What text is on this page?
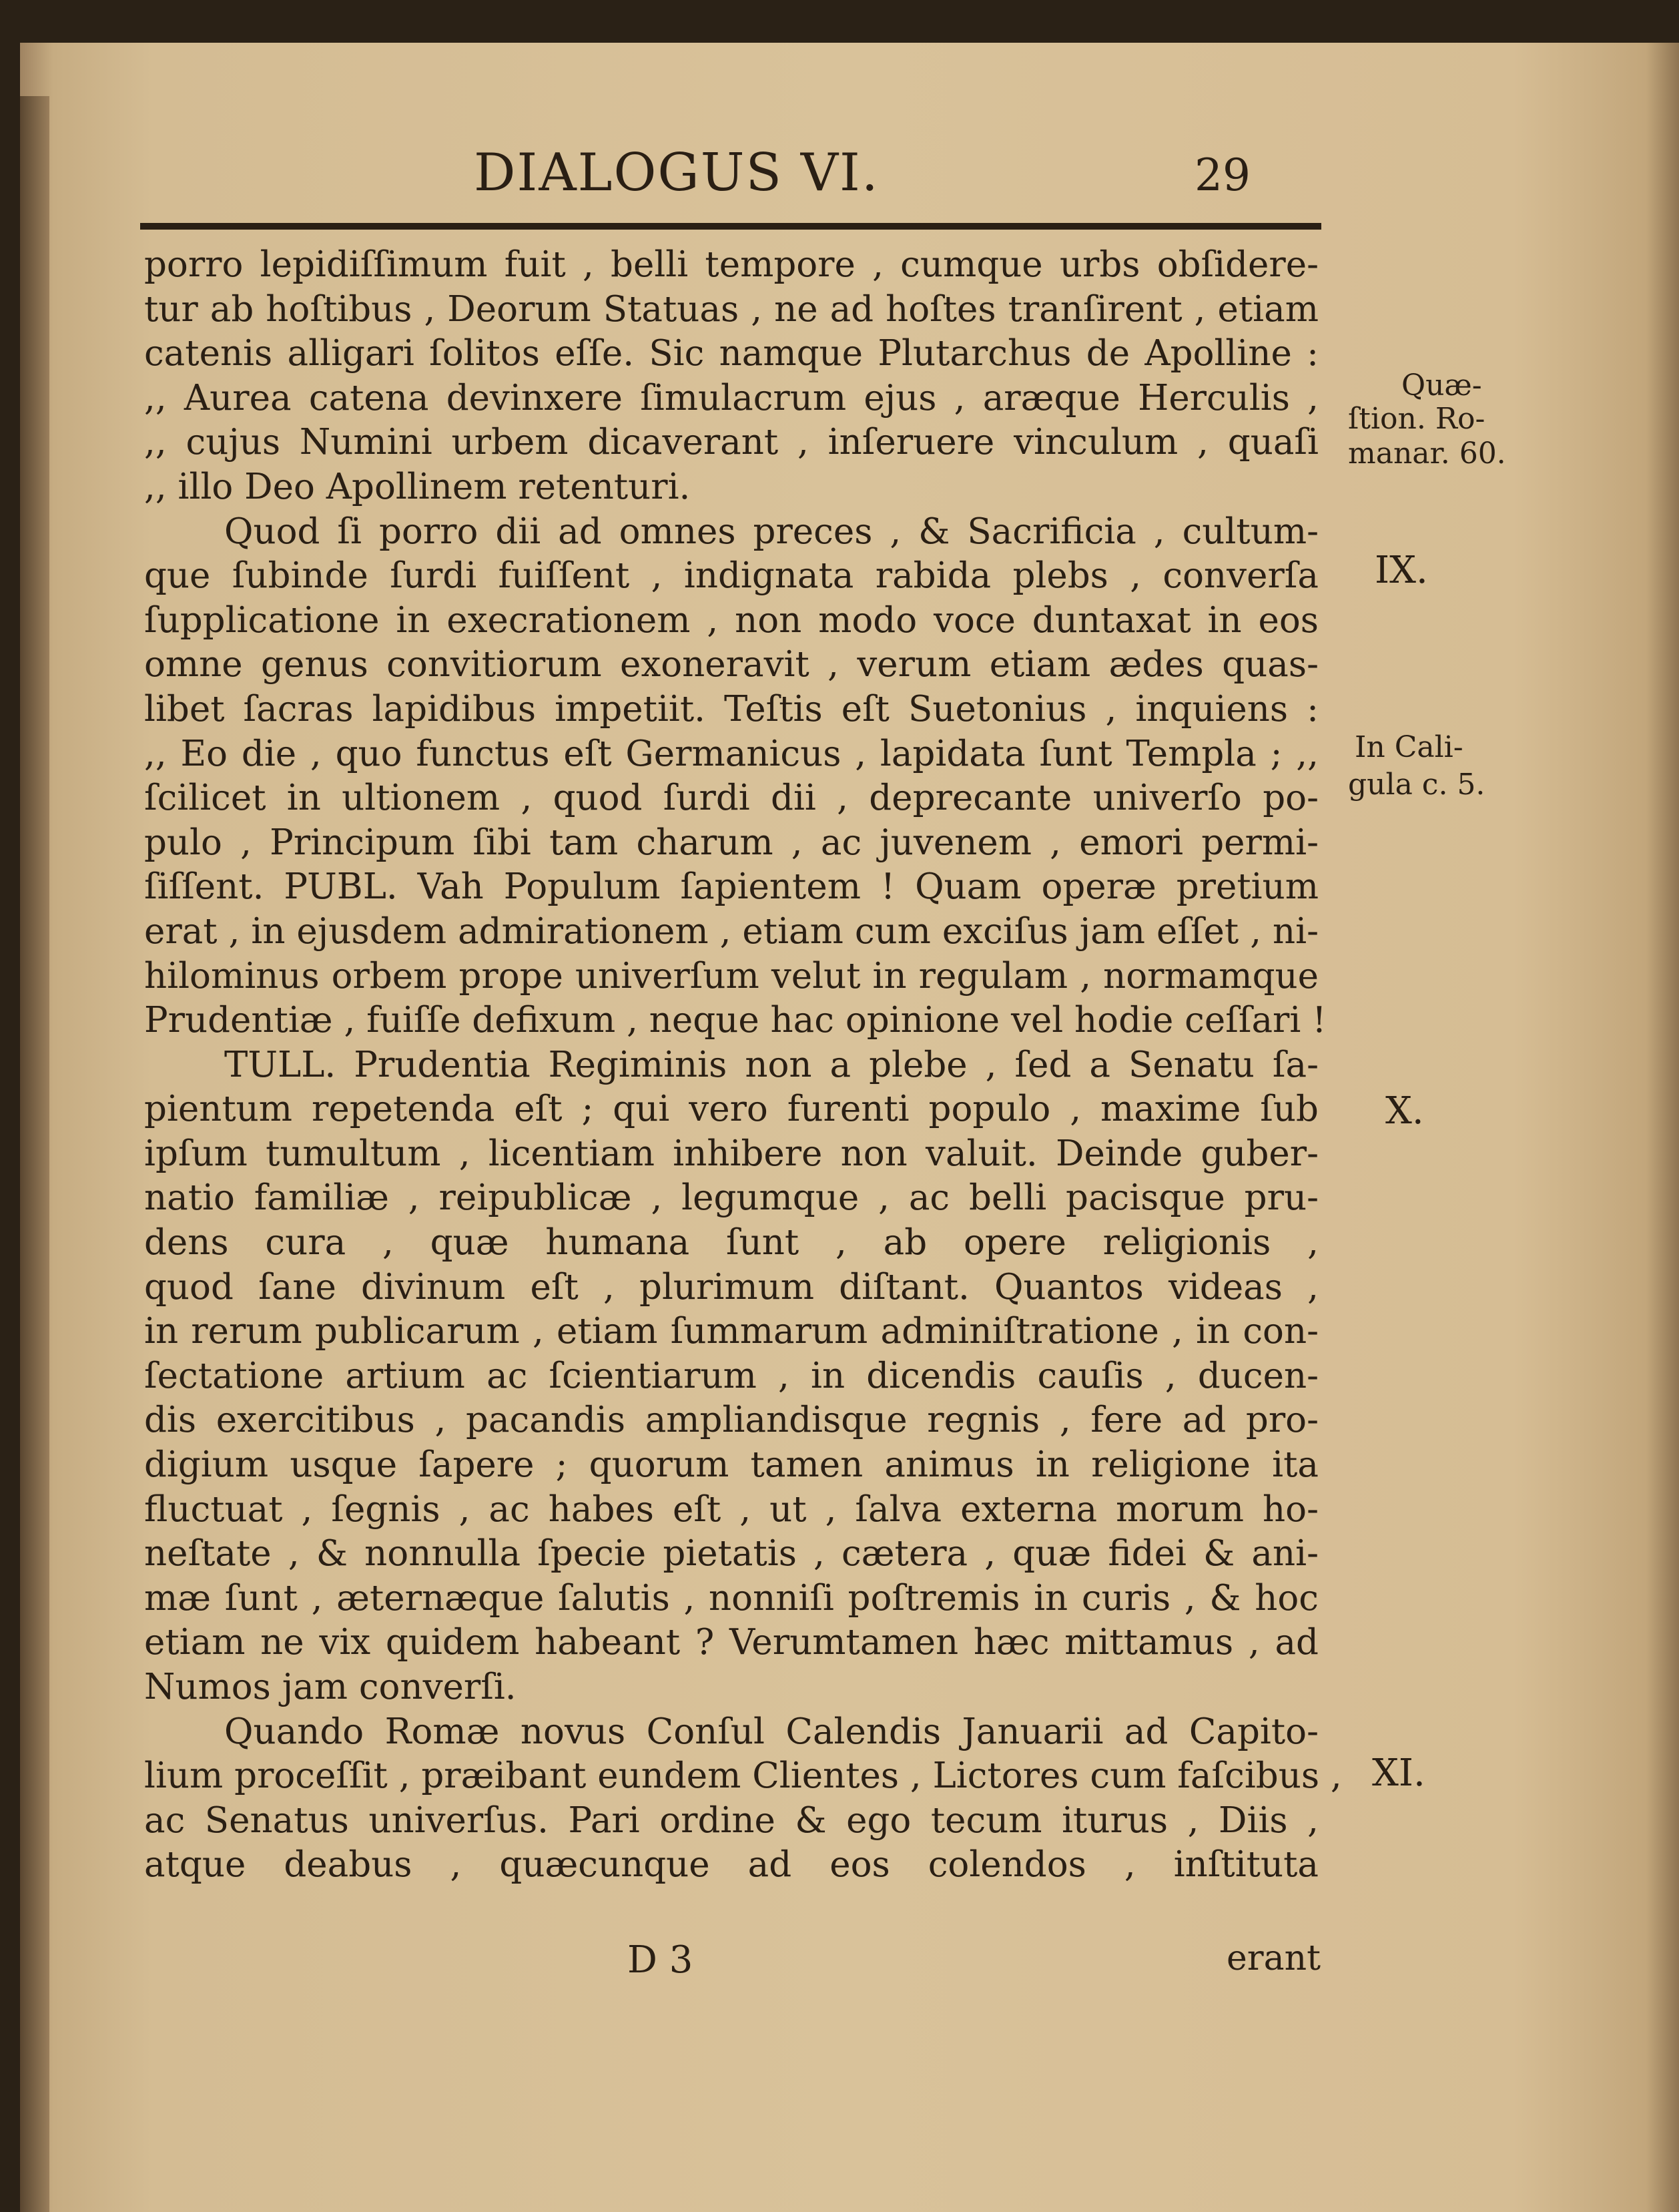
DIALOGUS VI.	29
porro lepidiſſimum fuit , belli tempore , cumque urbs obſidere-
tur ab hoſtibus , Deorum Statuas , ne ad hoſtes tranſirent , etiam
catenis alligari ſolitos eſſe. Sic namque Plutarchus de Apolline :
,, Aurea catena devinxere ſimulacrum ejus , aræque Herculis ,
,, cujus Numini urbem dicaverant , inſeruere vinculum , quaſi
,, illo Deo Apollinem retenturi.
Quod ſi porro dii ad omnes preces , & Sacrificia , cultum-
que ſubinde ſurdi fuiſſent , indignata rabida plebs , converſa
ſupplicatione in execrationem , non modo voce duntaxat in eos
omne genus convitiorum exoneravit , verum etiam ædes quas-
libet ſacras lapidibus impetiit. Teſtis eſt Suetonius , inquiens :
,, Eo die , quo functus eſt Germanicus , lapidata ſunt Templa ; ,,
ſcilicet in ultionem , quod ſurdi dii , deprecante univerſo po-
pulo , Principum ſibi tam charum , ac juvenem , emori permi-
ſiſſent. PUBL. Vah Populum ſapientem ! Quam operæ pretium
erat , in ejusdem admirationem , etiam cum exciſus jam eſſet , ni-
hilominus orbem prope univerſum velut in regulam , normamque
Prudentiæ , fuiſſe defixum , neque hac opinione vel hodie ceſſari !
TULL. Prudentia Regiminis non a plebe , ſed a Senatu ſa-
pientum repetenda eſt ; qui vero furenti populo , maxime ſub
ipſum tumultum , licentiam inhibere non valuit. Deinde guber-
natio familiæ , reipublicæ , legumque , ac belli pacisque pru-
dens cura , quæ humana ſunt , ab opere religionis ,
quod ſane divinum eſt , plurimum diſtant. Quantos videas ,
in rerum publicarum , etiam ſummarum adminiſtratione , in con-
ſectatione artium ac ſcientiarum , in dicendis cauſis , ducen-
dis exercitibus , pacandis ampliandisque regnis , fere ad pro-
digium usque ſapere ; quorum tamen animus in religione ita
fluctuat , ſegnis , ac habes eſt , ut , ſalva externa morum ho-
neſtate , & nonnulla ſpecie pietatis , cætera , quæ fidei & ani-
mæ ſunt , æternæque ſalutis , nonniſi poſtremis in curis , & hoc
etiam ne vix quidem habeant ? Verumtamen hæc mittamus , ad
Numos jam converſi.
Quando Romæ novus Conſul Calendis Januarii ad Capito-
lium proceſſit , præibant eundem Clientes , Lictores cum faſcibus ,
ac Senatus univerſus. Pari ordine & ego tecum iturus , Diis ,
atque deabus , quæcunque ad eos colendos , inſtituta
Quæ-
ſtion. Ro-
manar. 60.
IX.
In Cali-
gula c. 5.
X.
XI.
D 3	erant
